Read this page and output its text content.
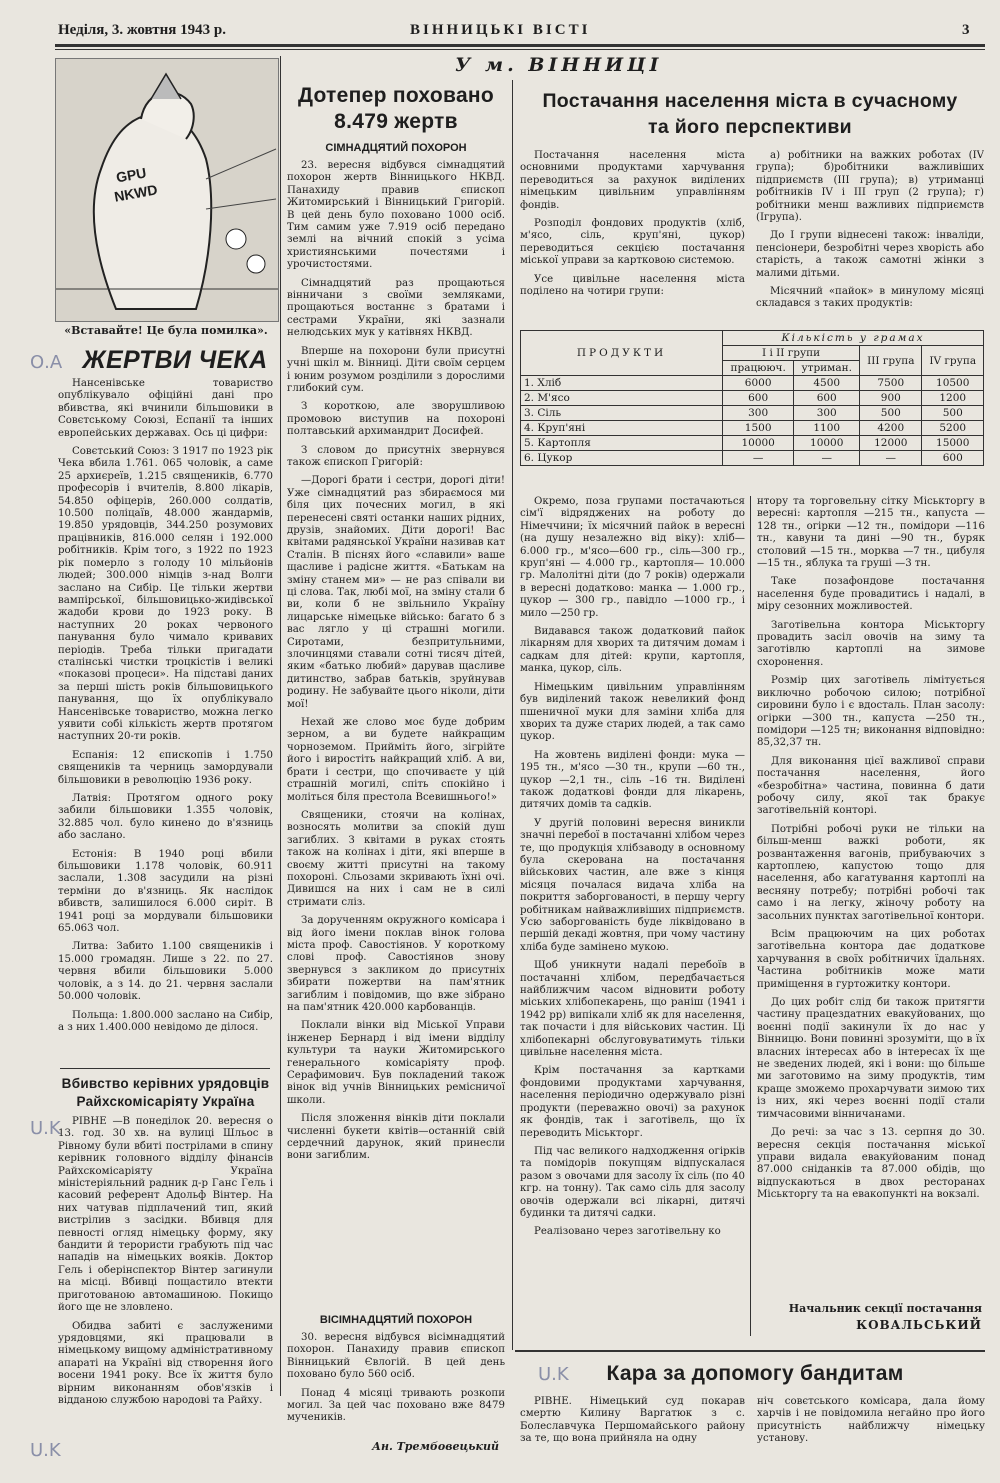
Неділя, 3. жовтня 1943 р.	ВІННИЦЬКІ ВІСТІ	3
У м. ВІННИЦІ
GPU
NKWD
«Вставайте! Це була помилка».
О.А ЖЕРТВИ ЧЕКА

Нансенівське товариство опублікувало офіційні дані про вбивства, які вчинили більшовики в Совєтському Союзі, Еспанії та інших европейських державах. Ось ці цифри:

Совєтський Союз: З 1917 по 1923 рік Чека вбила 1.761. 065 чоловік, а саме 25 архиєреїв, 1.215 священиків, 6.770 професорів і вчителів, 8.800 лікарів, 54.850 офіцерів, 260.000 солдатів, 10.500 поліцаїв, 48.000 жандармів, 19.850 урядовців, 344.250 розумових працівників, 816.000 селян і 192.000 робітників. Крім того, з 1922 по 1923 рік померло з голоду 10 мільйонів людей; 300.000 німців з-над Волги заслано на Сибір. Це тільки жертви вампірської, більшовицько-жидівської жадоби крови до 1923 року. В наступних 20 роках червоного панування було чимало кривавих періодів. Треба тільки пригадати сталінські чистки троцкістів і великі «показові процеси». На підставі даних за перші шість років більшовицького панування, що їх опублікувало Нансенівське товариство, можна легко уявити собі кількість жертв протягом наступних 20-ти років.

Еспанія: 12 єпископів і 1.750 священиків та черниць замордували більшовики в революцію 1936 року.

Латвія: Протягом одного року забили більшовики 1.355 чоловік, 32.885 чол. було кинено до в'язниць або заслано.

Естонія: В 1940 році вбили більшовики 1.178 чоловік, 60.911 заслали, 1.308 засудили на різні терміни до в'язниць. Як наслідок вбивств, залишилося 6.000 сиріт. В 1941 році за мордували більшовики 65.063 чол.

Литва: Забито 1.100 священиків і 15.000 громадян. Лише з 22. по 27. червня вбили більшовики 5.000 чоловік, а з 14. до 21. червня заслали 50.000 чоловік.

Польща: 1.800.000 заслано на Сибір, а з них 1.400.000 невідомо де ділося.

U.K
Вбивство керівних урядовців
Райхскомісаріяту Україна

РІВНЕ —В понеділок 20. вересня о 13. год. 30 хв. на вулиці Шльос в Рівному були вбиті пострілами в спину керівник головного відділу фінансів Райхскомісаріяту Україна міністеріяльний радник д-р Ганс Гель і касовий референт Адольф Вінтер. На них чатував підплачений тип, який вистрілив з засідки. Вбивця для певності огляд німецьку форму, яку бандити й терористи грабують під час нападів на німецьких вояків. Доктор Гель і оберінспектор Вінтер загинули на місці. Вбивці пощастило втекти приготованою автомашиною. Покищо його ще не зловлено.

Обидва забиті є заслуженими урядовцями, які працювали в німецькому вищому адміністративному апараті на Україні від створення його восени 1941 року. Все їх життя було вірним виконанням обов'язків і відданою службою народові та Райху.

Дотепер поховано
8.479 жертв
СІМНАДЦЯТИЙ ПОХОРОН

23. вересня відбувся сімнадцятий похорон жертв Вінницького НКВД. Панахиду правив єпископ Житомирський і Вінницький Григорій. В цей день було поховано 1000 осіб. Тим самим уже 7.919 осіб передано землі на вічний спокій з усіма християнськими почестями і урочистостями.

Сімнадцятий раз прощаються вінничани з своїми земляками, прощаються востаннє з братами і сестрами України, які зазнали нелюдських мук у катівнях НКВД.

Вперше на похорони були присутні учні шкіл м. Вінниці. Діти своїм серцем і юним розумом розділили з дорослими глибокий сум.

З короткою, але зворушливою промовою виступив на похороні полтавський архимандрит Досифей.

З словом до присутніх звернувся також єпископ Григорій:

—Дорогі брати і сестри, дорогі діти! Уже сімнадцятий раз збираємося ми біля цих почесних могил, в які перенесені святі останки наших рідних, друзів, знайомих. Діти дорогі! Вас квітами радянської України називав кат Сталін. В піснях його «славили» ваше щасливе і радісне життя. «Батькам на зміну станем ми» — не раз співали ви ці слова. Так, любі мої, на зміну стали б ви, коли б не звільнило Україну лицарське німецьке військо: багато б з вас лягло у ці страшні могили. Сиротами, безпритульними, злочинцями ставали сотні тисяч дітей, яким «батько любий» дарував щасливе дитинство, забрав батьків, зруйнував родину. Не забувайте цього ніколи, діти мої!

Нехай же слово моє буде добрим зерном, а ви будете найкращим чорноземом. Прийміть його, зігрійте його і виростіть найкращий хліб. А ви, брати і сестри, що спочиваєте у цій страшній могилі, спіть спокійно і моліться біля престола Всевишнього!»

Священики, стоячи на колінах, возносять молитви за спокій душ загиблих. З квітами в руках стоять також на колінах і діти, які вперше в своєму житті присутні на такому похороні. Сльозами зкривають їхні очі. Дивишся на них і сам не в силі стримати сліз.

За дорученням окружного комісара і від його імени поклав вінок голова міста проф. Савостіянов. У короткому слові проф. Савостіянов знову звернувся з закликом до присутніх збирати пожертви на пам'ятник загиблим і повідомив, що вже зібрано на пам'ятник 420.000 карбованців.

Поклали вінки від Міської Управи інженер Бернард і від імени відділу культури та науки Житомирського генерального комісаріяту проф. Серафимович. Був покладений також вінок від учнів Вінницьких ремісничої школи.

Після зложення вінків діти поклали численні букети квітів—останній свій сердечний дарунок, який принесли вони загиблим.

ВІСІМНАДЦЯТИЙ ПОХОРОН

30. вересня відбувся вісімнадцятий похорон. Панахиду правив єпископ Вінницький Євлогій. В цей день поховано було 560 осіб.

Понад 4 місяці тривають розкопи могил. За цей час поховано вже 8479 мучеників.

Ан. Трембовецький
Постачання населення міста в сучасному
та його перспективи

Постачання населення міста основними продуктами харчування переводиться за рахунок виділених німецьким цивільним управлінням фондів.

Розподіл фондових продуктів (хліб, м'ясо, сіль, круп'яні, цукор) переводиться секцією постачання міської управи за картковою системою.

Усе цивільне населення міста поділено на чотири групи:

а) робітники на важких роботах (IV група); б)робітники важливіших підприємств (III група); в) утриманці робітників IV і III груп (2 група); г) робітники менш важливих підприємств (Ігрупа).

До І групи віднесені також: інваліди, пенсіонери, безробітні через хворість або старість, а також самотні жінки з малими дітьми.

Місячний «пайок» в минулому місяці складався з таких продуктів:

ПРОДУКТИ	Кількість у грамах			
	І і ІІ групи		ІІІ група	IV група
	працююч.	утриман.		
1. Хліб	6000	4500	7500	10500
2. М'ясо	600	600	900	1200
3. Сіль	300	300	500	500
4. Круп'яні	1500	1100	4200	5200
5. Картопля	10000	10000	12000	15000
6. Цукор	—	—	—	600

Окремо, поза групами постачаються сім'ї відряджених на роботу до Німеччини; їх місячний пайок в вересні (на душу незалежно від віку): хліб— 6.000 гр., м'ясо—600 гр., сіль—300 гр., круп'яні — 4.000 гр., картопля— 10.000 гр. Малолітні діти (до 7 років) одержали в вересні додатково: манка — 1.000 гр., цукор — 300 гр., павідло —1000 гр., і мило —250 гр.

Видавався також додатковий пайок лікарням для хворих та дитячим домам і садкам для дітей: крупи, картопля, манка, цукор, сіль.

Німецьким цивільним управлінням був виділений також невеликий фонд пшеничної муки для заміни хліба для хворих та дуже старих людей, а так само цукор.

На жовтень виділені фонди: мука — 195 тн., м'ясо —30 тн., крупи —60 тн., цукор —2,1 тн., сіль –16 тн. Виділені також додаткові фонди для лікарень, дитячих домів та садків.

У другій половині вересня виникли значні перебої в постачанні хлібом через те, що продукція хлібзаводу в основному була скерована на постачання військових частин, але вже з кінця місяця почалася видача хліба на покриття заборгованості, в першу чергу робітникам найважливіших підприємств. Усю заборгованість буде ліквідовано в першій декаді жовтня, при чому частину хліба буде замінено мукою.

Щоб уникнути надалі перебоїв в постачанні хлібом, передбачається найближчим часом відновити роботу міських хлібопекарень, що раніш (1941 і 1942 рр) випікали хліб як для населення, так почасти і для військових частин. Ці хлібопекарні обслуговуватимуть тільки цивільне населення міста.

Крім постачання за картками фондовими продуктами харчування, населення періодично одержувало різні продукти (переважно овочі) за рахунок як фондів, так і заготівель, що їх переводить Міськторг.

Під час великого надходження огірків та помідорів покупцям відпускалася разом з овочами для засолу їх сіль (по 40 кгр. на тонну). Так само сіль для засолу овочів одержали всі лікарні, дитячі будинки та дитячі садки.

Реалізовано через заготівельну ко

нтору та торговельну сітку Міськторгу в вересні: картопля —215 тн., капуста —128 тн., огірки —12 тн., помідори —116 тн., кавуни та дині —90 тн., буряк столовий —15 тн., морква —7 тн., цибуля —15 тн., яблука та груші —3 тн.

Таке позафондове постачання населення буде провадитись і надалі, в міру сезонних можливостей.

Заготівельна контора Міськторгу провадить засіл овочів на зиму та заготівлю картоплі на зимове схоронення.

Розмір цих заготівель лімітується виключно робочою силою; потрібної сировини було і є вдосталь. План засолу: огірки —300 тн., капуста —250 тн., помідори —125 тн; виконання відповідно: 85,32,37 тн.

Для виконання цієї важливої справи постачання населення, його «безробітна» частина, повинна б дати робочу силу, якої так бракує заготівельній конторі.

Потрібні робочі руки не тільки на більш-менш важкі роботи, як розвантаження вагонів, прибуваючих з картоплею, капустою тощо для населення, або кагатування картоплі на весняну потребу; потрібні робочі так само і на легку, жіночу роботу на засольних пунктах заготівельної контори.

Всім працюючим на цих роботах заготівельна контора дає додаткове харчування в своїх робітничих їдальнях. Частина робітників може мати приміщення в гуртожитку контори.

До цих робіт слід би також притягти частину працездатних евакуйованих, що воєнні події закинули їх до нас у Вінницю. Вони повинні зрозуміти, що в їх власних інтересах або в інтересах їх ще не зведених людей, які і вони: що більше ми заготовимо на зиму продуктів, тим краще зможемо прохарчувати зимою тих із них, які через воєнні події стали тимчасовими вінничанами.

До речі: за час з 13. серпня до 30. вересня секція постачання міської управи видала евакуйованим понад 87.000 сніданків та 87.000 обідів, що відпускаються в двох ресторанах Міськторгу та на евакопункті на вокзалі.

Начальник секції постачання
КОВАЛЬСЬКИЙ
U.K	Кара за допомогу бандитам

РІВНЕ. Німецький суд покарав смертю Килину Варгатюк з с. Болеславчука Першомайського району за те, що вона прийняла на одну

ніч совєтського комісара, дала йому харчів і не повідомила негайно про його присутність найближчу німецьку установу.

U.K
